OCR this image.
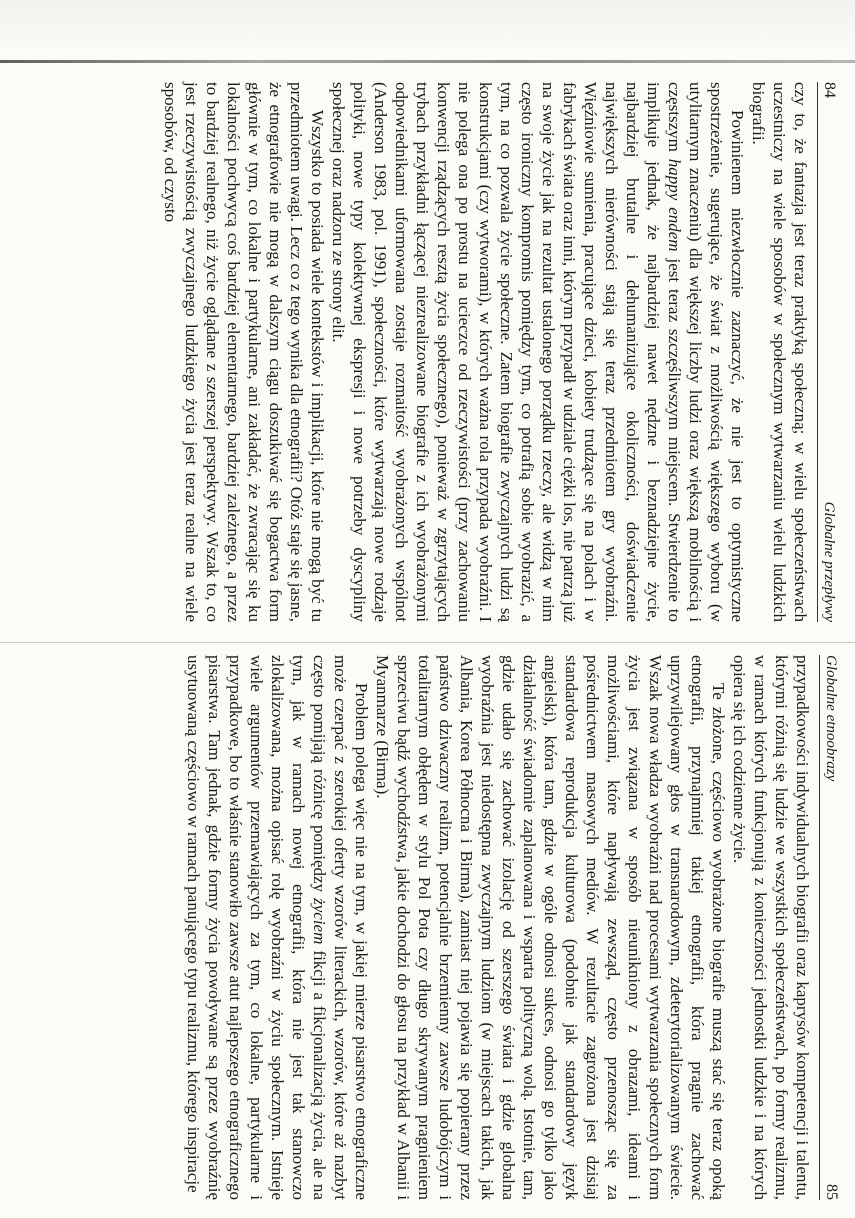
84
Globalne przepływy

czy to, że fantazja jest teraz praktyką społeczną; w wielu społeczeństwach uczestniczy na wiele sposobów w społecznym wytwarzaniu wielu ludzkich biografii.

Powinienem niezwłocznie zaznaczyć, że nie jest to optymistyczne spostrzeżenie, sugerujące, że świat z możliwością większego wyboru (w utylitarnym znaczeniu) dla większej liczby ludzi oraz większą mobilnością i częstszym happy endem jest teraz szczęśliwszym miejscem. Stwierdzenie to implikuje jednak, że najbardziej nawet nędzne i beznadziejne życie, najbardziej brutalne i dehumanizujące okoliczności, doświadczenie największych nierówności stają się teraz przedmiotem gry wyobraźni. Więźniowie sumienia, pracujące dzieci, kobiety trudzące się na polach i w fabrykach świata oraz inni, którym przypadł w udziale ciężki los, nie patrzą już na swoje życie jak na rezultat ustalonego porządku rzeczy, ale widzą w nim często ironiczny kompromis pomiędzy tym, co potrafią sobie wyobrazić, a tym, na co pozwala życie społeczne. Zatem biografie zwyczajnych ludzi są konstrukcjami (czy wytworami), w których ważna rola przypada wyobraźni. I nie polega ona po prostu na ucieczce od rzeczywistości (przy zachowaniu konwencji rządzących resztą życia społecznego), ponieważ w zgrzytających trybach przykładni łączącej niezrealizowane biografie z ich wyobrażonymi odpowiednikami uformowana zostaje rozmaitość wyobrażonych wspólnot (Anderson 1983, pol. 1991), społeczności, które wytwarzają nowe rodzaje polityki, nowe typy kolektywnej ekspresji i nowe potrzeby dyscypliny społecznej oraz nadzoru ze strony elit.

Wszystko to posiada wiele kontekstów i implikacji, które nie mogą być tu przedmiotem uwagi. Lecz co z tego wynika dla etnografii? Otóż staje się jasne, że etnografowie nie mogą w dalszym ciągu doszukiwać się bogactwa form głównie w tym, co lokalne i partykularne, ani zakładać, że zwracając się ku lokalności pochwycą coś bardziej elementarnego, bardziej zależnego, a przez to bardziej realnego, niż życie oglądane z szerszej perspektywy. Wszak to, co jest rzeczywistością zwyczajnego ludzkiego życia jest teraz realne na wiele sposobów, od czysto

Globalne etnoobrazy
85

przypadkowości indywidualnych biografii oraz kaprysów kompetencji i talentu, którymi różnią się ludzie we wszystkich społeczeństwach, po formy realizmu, w ramach których funkcjonują z konieczności jednostki ludzkie i na których opiera się ich codzienne życie.

Te złożone, częściowo wyobrażone biografie muszą stać się teraz opoką etnografii, przynajmniej takiej etnografii, która pragnie zachować uprzywilejowany głos w transnarodowym, zdeterytorializowanym świecie. Wszak nowa władza wyobraźni nad procesami wytwarzania społecznych form życia jest związana w sposób nieunikniony z obrazami, ideami i możliwościami, które napływają zewsząd, często przenosząc się za pośrednictwem masowych mediów. W rezultacie zagrożona jest dzisiaj standardowa reprodukcja kulturowa (podobnie jak standardowy język angielski), która tam, gdzie w ogóle odnosi sukces, odnosi go tylko jako działalność świadomie zaplanowana i wsparta polityczną wolą. Istotnie, tam, gdzie udało się zachować izolację od szerszego świata i gdzie globalna wyobraźnia jest niedostępna zwyczajnym ludziom (w miejscach takich, jak Albania, Korea Północna i Birma), zamiast niej pojawia się popierany przez państwo dziwaczny realizm, potencjalnie brzemienny zawsze ludobójczym i totalitarnym obłędem w stylu Pol Pota czy długo skrywanym pragnieniem sprzeciwu bądź wychodźstwa, jakie dochodzi do głosu na przykład w Albanii i Myanmarze (Birma).

Problem polega więc nie na tym, w jakiej mierze pisarstwo etnograficzne może czerpać z szerokiej oferty wzorów literackich, wzorów, które aż nazbyt często pomijają różnicę pomiędzy życiem fikcji a fikcjonalizacją życia, ale na tym, jak w ramach nowej etnografii, która nie jest tak stanowczo zlokalizowana, można opisać rolę wyobraźni w życiu społecznym. Istnieje wiele argumentów przemawiających za tym, co lokalne, partykularne i przypadkowe, bo to właśnie stanowiło zawsze atut najlepszego etnograficznego pisarstwa. Tam jednak, gdzie formy życia powoływane są przez wyobraźnię usytuowaną częściowo w ramach panującego typu realizmu, którego inspiracje
